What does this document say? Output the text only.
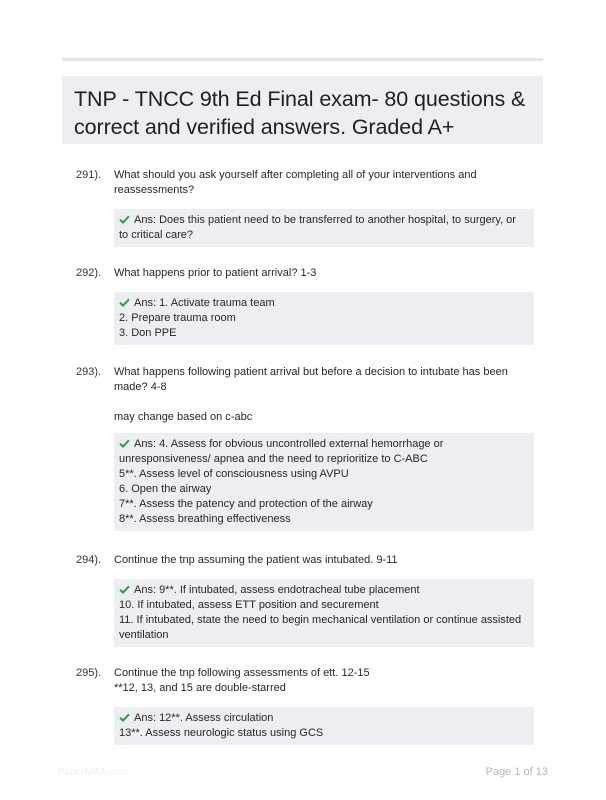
TNP - TNCC 9th Ed Final exam- 80 questions & correct and verified answers. Graded A+
291). What should you ask yourself after completing all of your interventions and reassessments?

Ans: Does this patient need to be transferred to another hospital, to surgery, or to critical care?

292). What happens prior to patient arrival? 1-3

Ans: 1. Activate trauma team

2. Prepare trauma room

3. Don PPE

293). What happens following patient arrival but before a decision to intubate has been made? 4-8

may change based on c-abc

Ans: 4. Assess for obvious uncontrolled external hemorrhage or unresponsiveness/ apnea and the need to reprioritize to C-ABC

5**. Assess level of consciousness using AVPU

6. Open the airway

7**. Assess the patency and protection of the airway

8**. Assess breathing effectiveness

294). Continue the tnp assuming the patient was intubated. 9-11

Ans: 9**. If intubated, assess endotracheal tube placement

10. If intubated, assess ETT position and securement

11. If intubated, state the need to begin mechanical ventilation or continue assisted ventilation

295). Continue the tnp following assessments of ett. 12-15

**12, 13, and 15 are double-starred

Ans: 12**. Assess circulation

13**. Assess neurologic status using GCS

PaperMBA.com	Page 1 of 13
